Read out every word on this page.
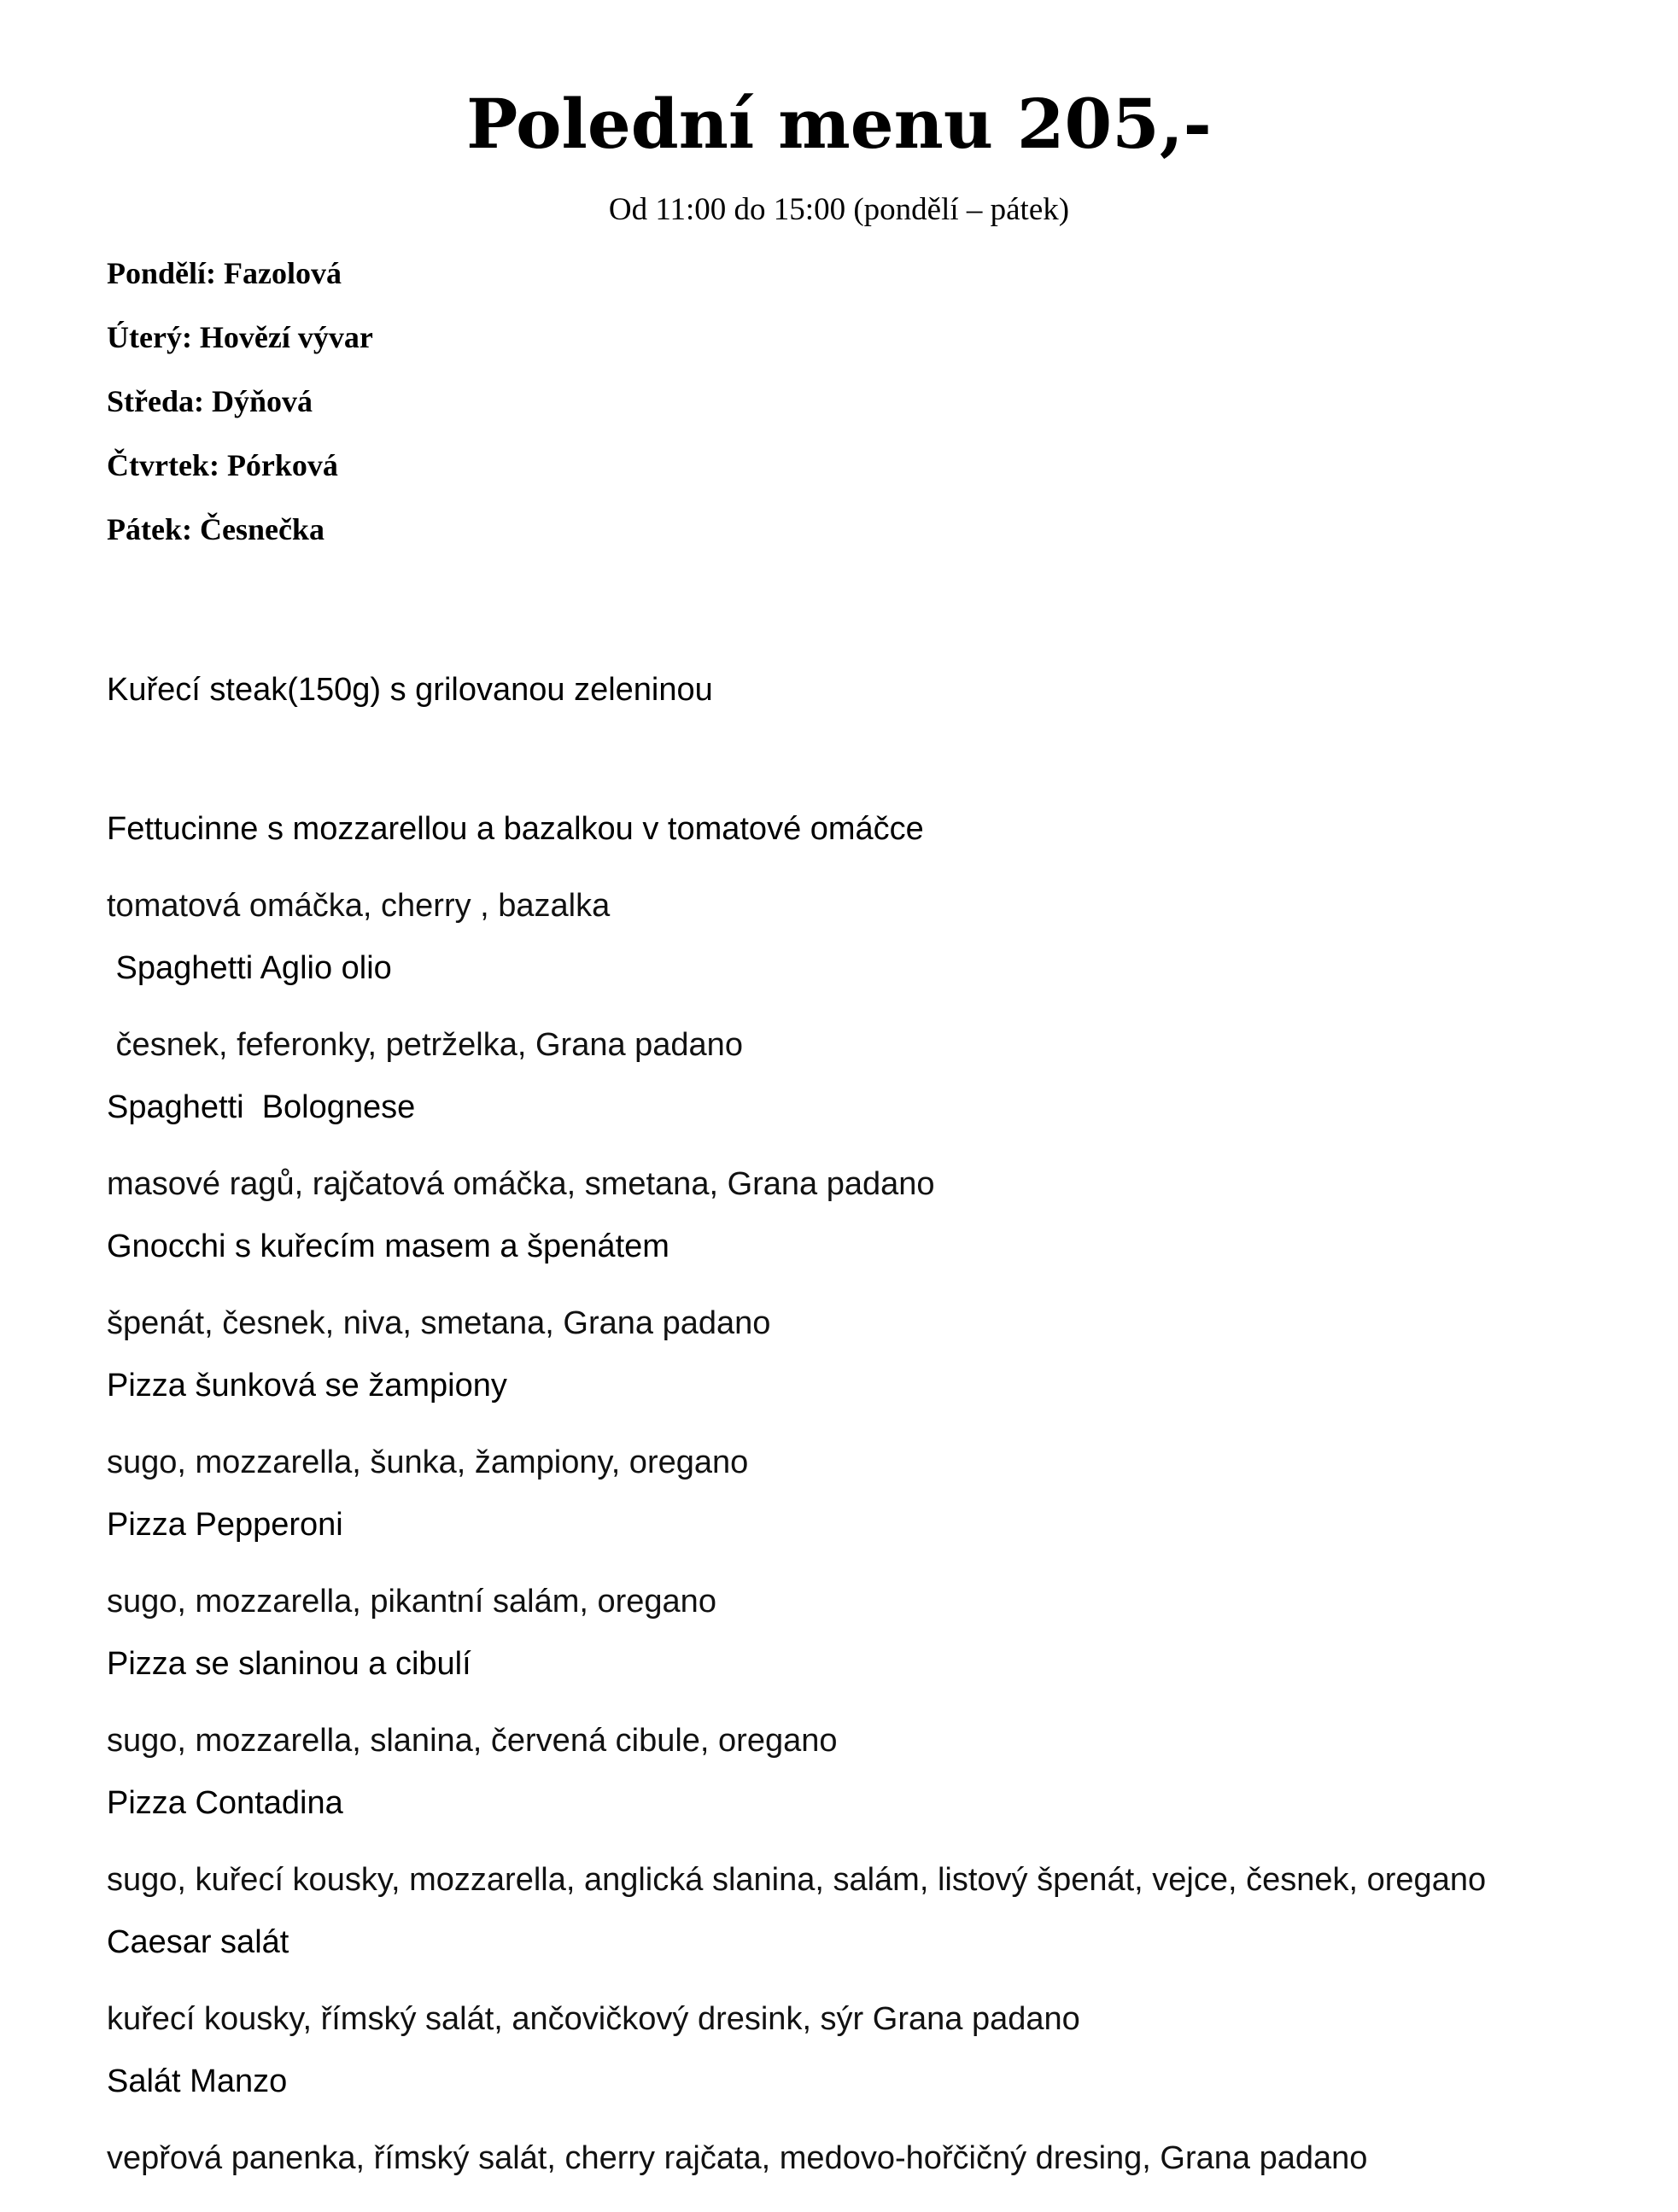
Polední menu 205,-

Od 11:00 do 15:00 (pondělí – pátek)

Pondělí: Fazolová
Úterý: Hovězí vývar
Středa: Dýňová
Čtvrtek: Pórková
Pátek: Česnečka

Kuřecí steak(150g) s grilovanou zeleninou

Fettucinne s mozzarellou a bazalkou v tomatové omáčce

tomatová omáčka, cherry , bazalka

Spaghetti Aglio olio

česnek, feferonky, petrželka, Grana padano

Spaghetti  Bolognese

masové ragů, rajčatová omáčka, smetana, Grana padano

Gnocchi s kuřecím masem a špenátem

špenát, česnek, niva, smetana, Grana padano

Pizza šunková se žampiony

sugo, mozzarella, šunka, žampiony, oregano

Pizza Pepperoni

sugo, mozzarella, pikantní salám, oregano

Pizza se slaninou a cibulí

sugo, mozzarella, slanina, červená cibule, oregano

Pizza Contadina

sugo, kuřecí kousky, mozzarella, anglická slanina, salám, listový špenát, vejce, česnek, oregano

Caesar salát

kuřecí kousky, římský salát, ančovičkový dresink, sýr Grana padano

Salát Manzo

vepřová panenka, římský salát, cherry rajčata, medovo-hořčičný dresing, Grana padano
